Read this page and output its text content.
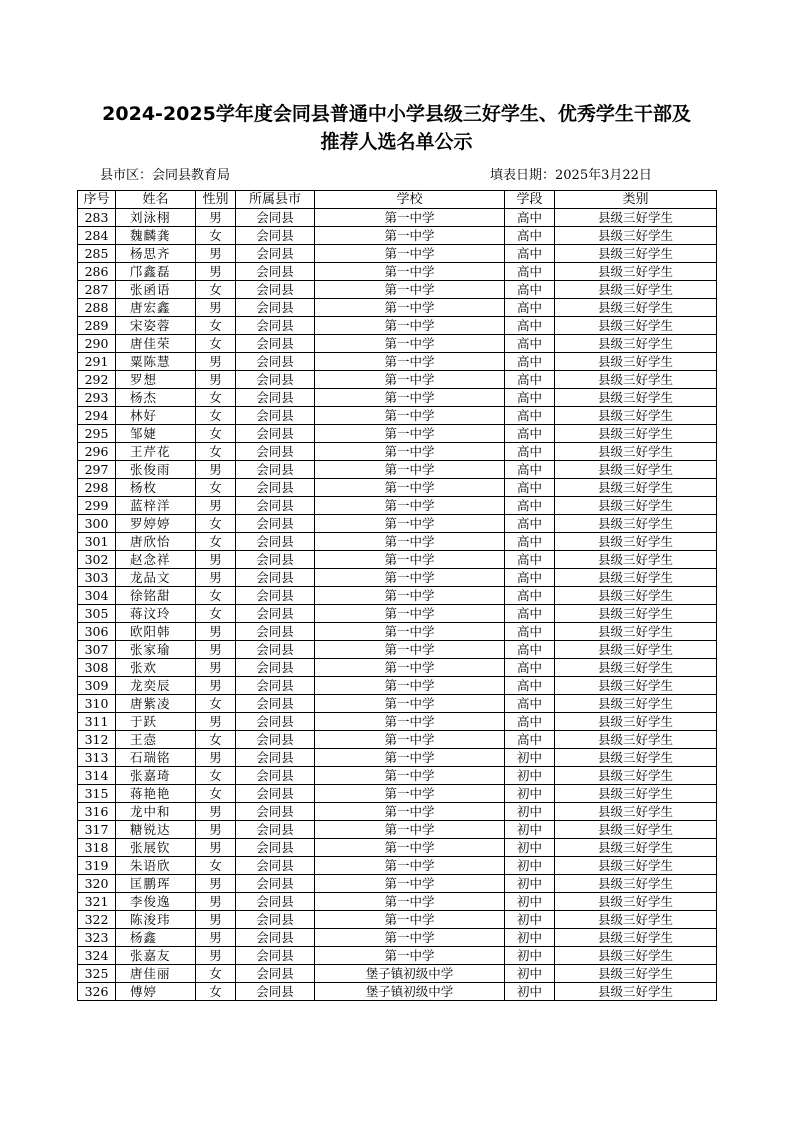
2024-2025学年度会同县普通中小学县级三好学生、优秀学生干部及
推荐人选名单公示
县市区：会同县教育局	填表日期：2025年3月22日
序号	姓名	性别	所属县市	学校	学段	类别
283	刘泳栩	男	会同县	第一中学	高中	县级三好学生
284	魏麟龚	女	会同县	第一中学	高中	县级三好学生
285	杨思齐	男	会同县	第一中学	高中	县级三好学生
286	邝鑫磊	男	会同县	第一中学	高中	县级三好学生
287	张函语	女	会同县	第一中学	高中	县级三好学生
288	唐宏鑫	男	会同县	第一中学	高中	县级三好学生
289	宋姿蓉	女	会同县	第一中学	高中	县级三好学生
290	唐佳荣	女	会同县	第一中学	高中	县级三好学生
291	粟陈慧	男	会同县	第一中学	高中	县级三好学生
292	罗想	男	会同县	第一中学	高中	县级三好学生
293	杨杰	女	会同县	第一中学	高中	县级三好学生
294	林好	女	会同县	第一中学	高中	县级三好学生
295	邹婕	女	会同县	第一中学	高中	县级三好学生
296	王芹花	女	会同县	第一中学	高中	县级三好学生
297	张俊雨	男	会同县	第一中学	高中	县级三好学生
298	杨枚	女	会同县	第一中学	高中	县级三好学生
299	蓝梓洋	男	会同县	第一中学	高中	县级三好学生
300	罗婷婷	女	会同县	第一中学	高中	县级三好学生
301	唐欣怡	女	会同县	第一中学	高中	县级三好学生
302	赵念祥	男	会同县	第一中学	高中	县级三好学生
303	龙品文	男	会同县	第一中学	高中	县级三好学生
304	徐铭甜	女	会同县	第一中学	高中	县级三好学生
305	蒋汶玲	女	会同县	第一中学	高中	县级三好学生
306	欧阳韩	男	会同县	第一中学	高中	县级三好学生
307	张家瑜	男	会同县	第一中学	高中	县级三好学生
308	张欢	男	会同县	第一中学	高中	县级三好学生
309	龙奕辰	男	会同县	第一中学	高中	县级三好学生
310	唐紫凌	女	会同县	第一中学	高中	县级三好学生
311	于跃	男	会同县	第一中学	高中	县级三好学生
312	王悫	女	会同县	第一中学	高中	县级三好学生
313	石瑞铭	男	会同县	第一中学	初中	县级三好学生
314	张嘉琦	女	会同县	第一中学	初中	县级三好学生
315	蒋艳艳	女	会同县	第一中学	初中	县级三好学生
316	龙中和	男	会同县	第一中学	初中	县级三好学生
317	糖锐达	男	会同县	第一中学	初中	县级三好学生
318	张展钦	男	会同县	第一中学	初中	县级三好学生
319	朱语欣	女	会同县	第一中学	初中	县级三好学生
320	匡鹏珲	男	会同县	第一中学	初中	县级三好学生
321	李俊逸	男	会同县	第一中学	初中	县级三好学生
322	陈浚玮	男	会同县	第一中学	初中	县级三好学生
323	杨鑫	男	会同县	第一中学	初中	县级三好学生
324	张嘉友	男	会同县	第一中学	初中	县级三好学生
325	唐佳丽	女	会同县	堡子镇初级中学	初中	县级三好学生
326	傅婷	女	会同县	堡子镇初级中学	初中	县级三好学生
